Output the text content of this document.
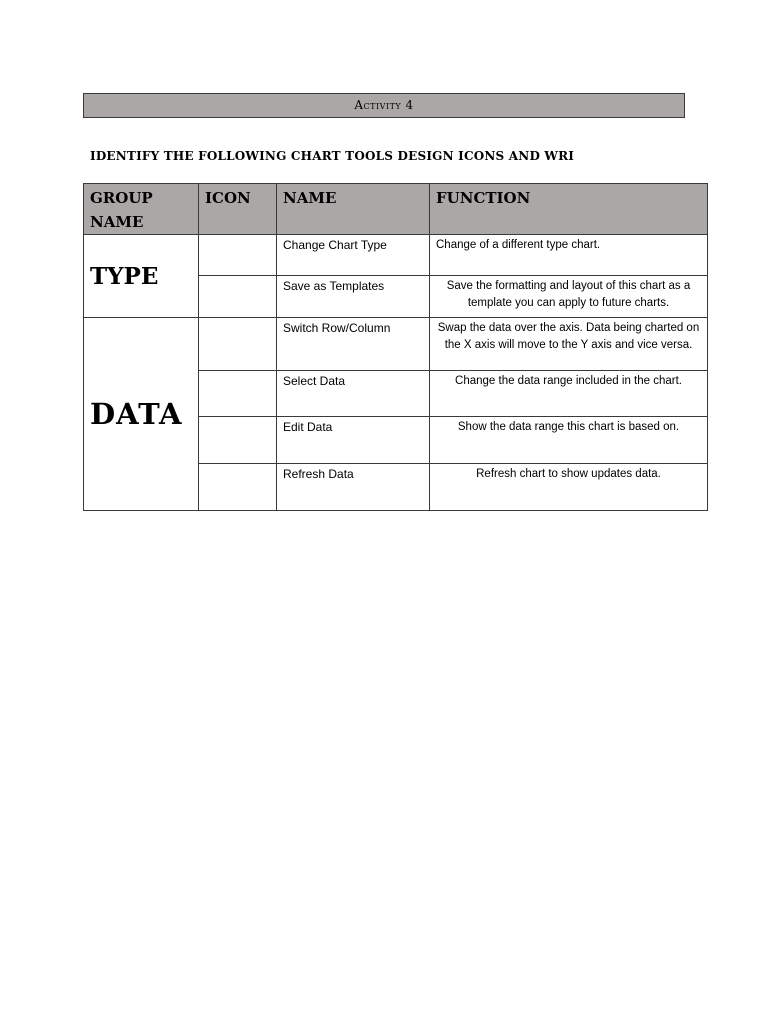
Activity 4
IDENTIFY THE FOLLOWING CHART TOOLS DESIGN ICONS AND WRI
GROUP
NAME	ICON	NAME	FUNCTION

TYPE		Change Chart Type	Change of a different type chart.
		Save as Templates	Save the formatting and layout of this chart as a template you can apply to future charts.
DATA		Switch Row/Column	Swap the data over the axis. Data being charted on the X axis will move to the Y axis and vice versa.
		Select Data	Change the data range included in the chart.
		Edit Data	Show the data range this chart is based on.
		Refresh Data	Refresh chart to show updates data.
